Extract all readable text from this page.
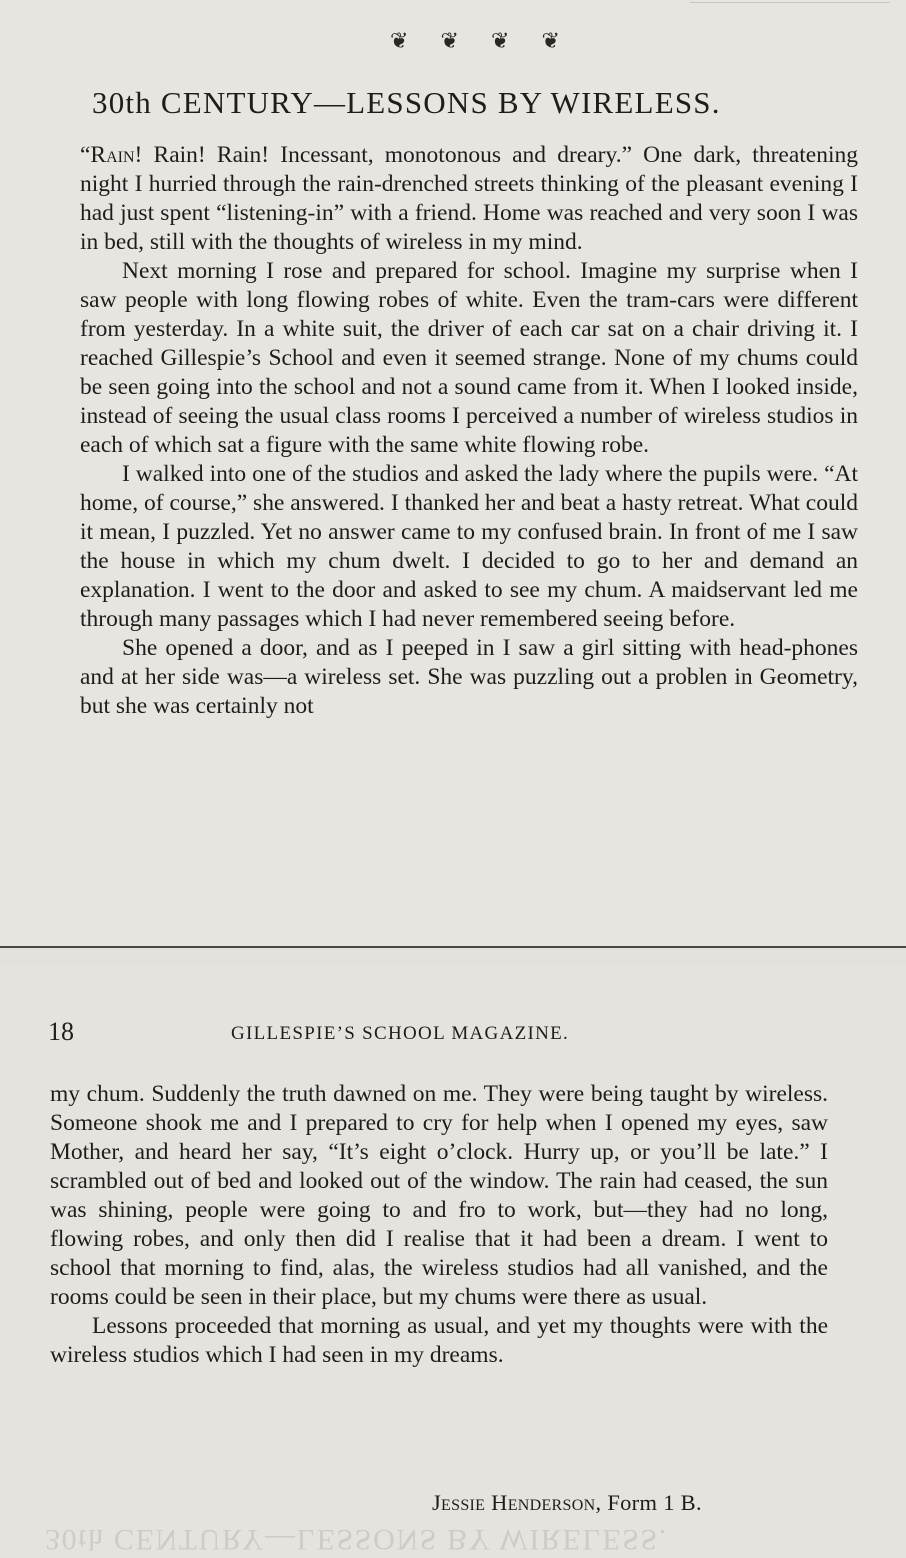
❦ ❦ ❦ ❦
30th CENTURY—LESSONS BY WIRELESS.

“Rain! Rain! Rain! Incessant, monotonous and dreary.” One dark, threatening night I hurried through the rain-drenched streets thinking of the pleasant evening I had just spent “listening-in” with a friend. Home was reached and very soon I was in bed, still with the thoughts of wireless in my mind.

Next morning I rose and prepared for school. Imagine my surprise when I saw people with long flowing robes of white. Even the tram-cars were different from yesterday. In a white suit, the driver of each car sat on a chair driving it. I reached Gillespie’s School and even it seemed strange. None of my chums could be seen going into the school and not a sound came from it. When I looked inside, instead of seeing the usual class rooms I perceived a number of wireless studios in each of which sat a figure with the same white flowing robe.

I walked into one of the studios and asked the lady where the pupils were. “At home, of course,” she answered. I thanked her and beat a hasty retreat. What could it mean, I puzzled. Yet no answer came to my confused brain. In front of me I saw the house in which my chum dwelt. I decided to go to her and demand an explanation. I went to the door and asked to see my chum. A maidservant led me through many passages which I had never remembered seeing before.

She opened a door, and as I peeped in I saw a girl sitting with head-phones and at her side was—a wireless set. She was puzzling out a problen in Geometry, but she was certainly not

18	GILLESPIE’S SCHOOL MAGAZINE.

my chum. Suddenly the truth dawned on me. They were being taught by wireless. Someone shook me and I prepared to cry for help when I opened my eyes, saw Mother, and heard her say, “It’s eight o’clock. Hurry up, or you’ll be late.” I scrambled out of bed and looked out of the window. The rain had ceased, the sun was shining, people were going to and fro to work, but—they had no long, flowing robes, and only then did I realise that it had been a dream. I went to school that morning to find, alas, the wireless studios had all vanished, and the rooms could be seen in their place, but my chums were there as usual.

Lessons proceeded that morning as usual, and yet my thoughts were with the wireless studios which I had seen in my dreams.

Jessie Henderson, Form 1 B.
30th CENTURY—LESSONS BY WIRELESS.
